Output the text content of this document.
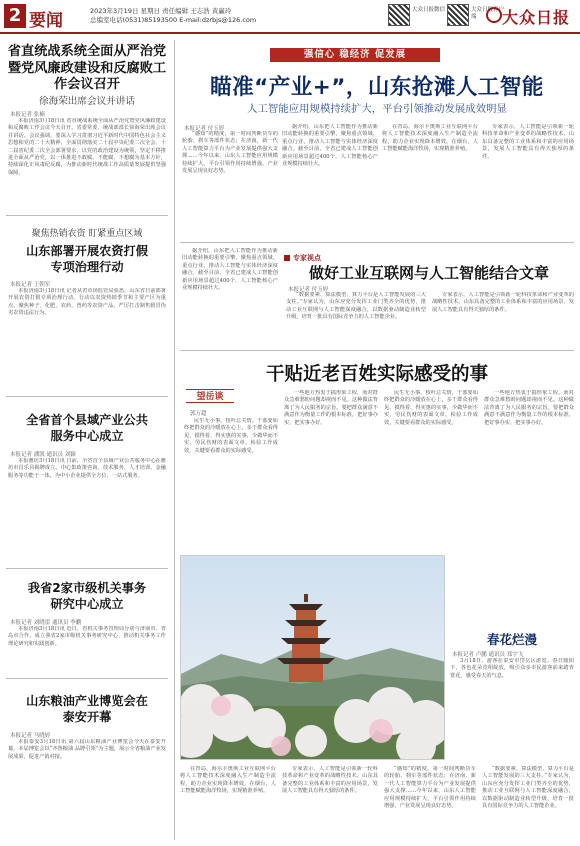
2 要闻	2023年3月19日 星期日 责任编辑 王志浩 黄赢玲
总编室电话(0531)85193500 E-mail:dzrbjs@126.com
大众日报微信	大众日报客户端	大众日报
省直统战系统全面从严治党暨党风廉政建设和反腐败工作会议召开
徐海荣出席会议并讲话
本报记者 张楠

本报济南3月18日讯 省直统战系统全面从严治党暨党风廉政建设和反腐败工作会议今天召开。省委常委、统战部部长徐海荣出席会议并讲话。会议强调，要深入学习贯彻习近平新时代中国特色社会主义思想和党的二十大精神，全面贯彻落实二十届中央纪委二次全会、十二届省纪委二次全会部署要求，以党的政治建设为统领，坚定不移推进全面从严治党，以一体推进不敢腐、不能腐、不想腐为基本方针，持续深化正风肃纪反腐，为推动新时代统战工作高质量发展提供坚强保障。

聚焦热销农资 盯紧重点区域
山东部署开展农资打假专项治理行动
本报记者 王朝军

本报济南3月18日讯 记者从省市场监管局获悉，山东省日前部署开展农资打假专项治理行动。行动以农资热销季节和主要产区为重点，聚焦种子、化肥、农药、兽药等农资产品，严厉打击制售假冒伪劣农资违法行为。

全省首个县域产业公共服务中心成立
本报记者 潘凯 通讯员 刘颖

本报潍坊3月18日讯 日前，全省首个县域产业公共服务中心在潍坊市昌乐县揭牌成立。中心集政策咨询、技术服务、人才培训、金融服务等功能于一体，为中小企业提供全方位、一站式服务。

我省2家市级机关事务研究中心成立
本报记者 刘晓雷 通讯员 李鹏

本报济南3月18日讯 近日，省机关事务管理局分别与济南市、青岛市合作，成立我省2家市级机关事务研究中心，推动机关事务工作理论研究和实践创新。

山东粮油产业博览会在泰安开幕
本报记者 马晓婷

本报泰安3月18日讯 第六届山东粮油产业博览会今天在泰安开幕。本届博览会以“齐鲁粮油 品牌引领”为主题，展示全省粮油产业发展成果，促进产销对接。

强信心 稳经济 促发展
瞄准“产业+”，山东抢滩人工智能
人工智能应用规模持续扩大，平台引领推动发展成效明显
本报记者 付玉婷

“感知”的精度，第一时间判断货车的轮胎、刹车等部件状态；在济南，新一代人工智能算力平台为产业发展提供强大支撑……今年以来，山东人工智能应用规模持续扩大，平台引领作用持续增强，产业发展呈现良好态势。

据介绍，山东把人工智能作为推动新旧动能转换的重要引擎，聚焦重点领域、重点行业，推动人工智能与实体经济深度融合。截至目前，全省已建成人工智能创新应用场景超过400个，人工智能核心产业规模持续壮大。

在青岛，海尔卡奥斯工业互联网平台将人工智能技术深度融入生产制造全流程，助力企业实现降本增效。在烟台，人工智能赋能海洋牧场，实现精准养殖。

专家表示，人工智能是引领新一轮科技革命和产业变革的战略性技术。山东具备完整的工业体系和丰富的应用场景，发展人工智能具有得天独厚的条件。

据介绍，山东把人工智能作为推动新旧动能转换的重要引擎，聚焦重点领域、重点行业，推动人工智能与实体经济深度融合。截至目前，全省已建成人工智能创新应用场景超过400个，人工智能核心产业规模持续壮大。

专家视点
做好工业互联网与人工智能结合文章
本报记者 付玉婷

“数据要素、算法模型、算力平台是人工智能发展的三大支柱。”专家认为，山东应充分发挥工业门类齐全的优势，推动工业互联网与人工智能深度融合，以数据驱动制造业转型升级，培育一批具有国际竞争力的人工智能企业。

专家表示，人工智能是引领新一轮科技革命和产业变革的战略性技术。山东具备完整的工业体系和丰富的应用场景，发展人工智能具有得天独厚的条件。

干贴近老百姓实际感受的事
望岳谈
郭万超

民生无小事，枝叶总关情。干部要始终把群众的冷暖放在心上，多干群众看得见、摸得着、得实惠的实事，少做华而不实、劳民伤财的表面文章。检验工作成效，关键要看群众的实际感受。

一些地方热衷于搞形象工程，而对群众急难愁盼问题却视而不见。这种做法背离了为人民服务的宗旨。要把群众满意不满意作为衡量工作的根本标准，把好事办实、把实事办好。

民生无小事，枝叶总关情。干部要始终把群众的冷暖放在心上，多干群众看得见、摸得着、得实惠的实事，少做华而不实、劳民伤财的表面文章。检验工作成效，关键要看群众的实际感受。

一些地方热衷于搞形象工程，而对群众急难愁盼问题却视而不见。这种做法背离了为人民服务的宗旨。要把群众满意不满意作为衡量工作的根本标准，把好事办实、把实事办好。

春花烂漫
本报记者 卢鹏 通讯员 郑宇飞

3月18日，游客在泰安市岱岳区游览。春日暖阳下，各色花朵竞相绽放，吸引众多市民游客前来踏青赏花，感受春天的气息。

在青岛，海尔卡奥斯工业互联网平台将人工智能技术深度融入生产制造全流程，助力企业实现降本增效。在烟台，人工智能赋能海洋牧场，实现精准养殖。

专家表示，人工智能是引领新一轮科技革命和产业变革的战略性技术。山东具备完整的工业体系和丰富的应用场景，发展人工智能具有得天独厚的条件。

“感知”的精度，第一时间判断货车的轮胎、刹车等部件状态；在济南，新一代人工智能算力平台为产业发展提供强大支撑……今年以来，山东人工智能应用规模持续扩大，平台引领作用持续增强，产业发展呈现良好态势。

“数据要素、算法模型、算力平台是人工智能发展的三大支柱。”专家认为，山东应充分发挥工业门类齐全的优势，推动工业互联网与人工智能深度融合，以数据驱动制造业转型升级，培育一批具有国际竞争力的人工智能企业。
